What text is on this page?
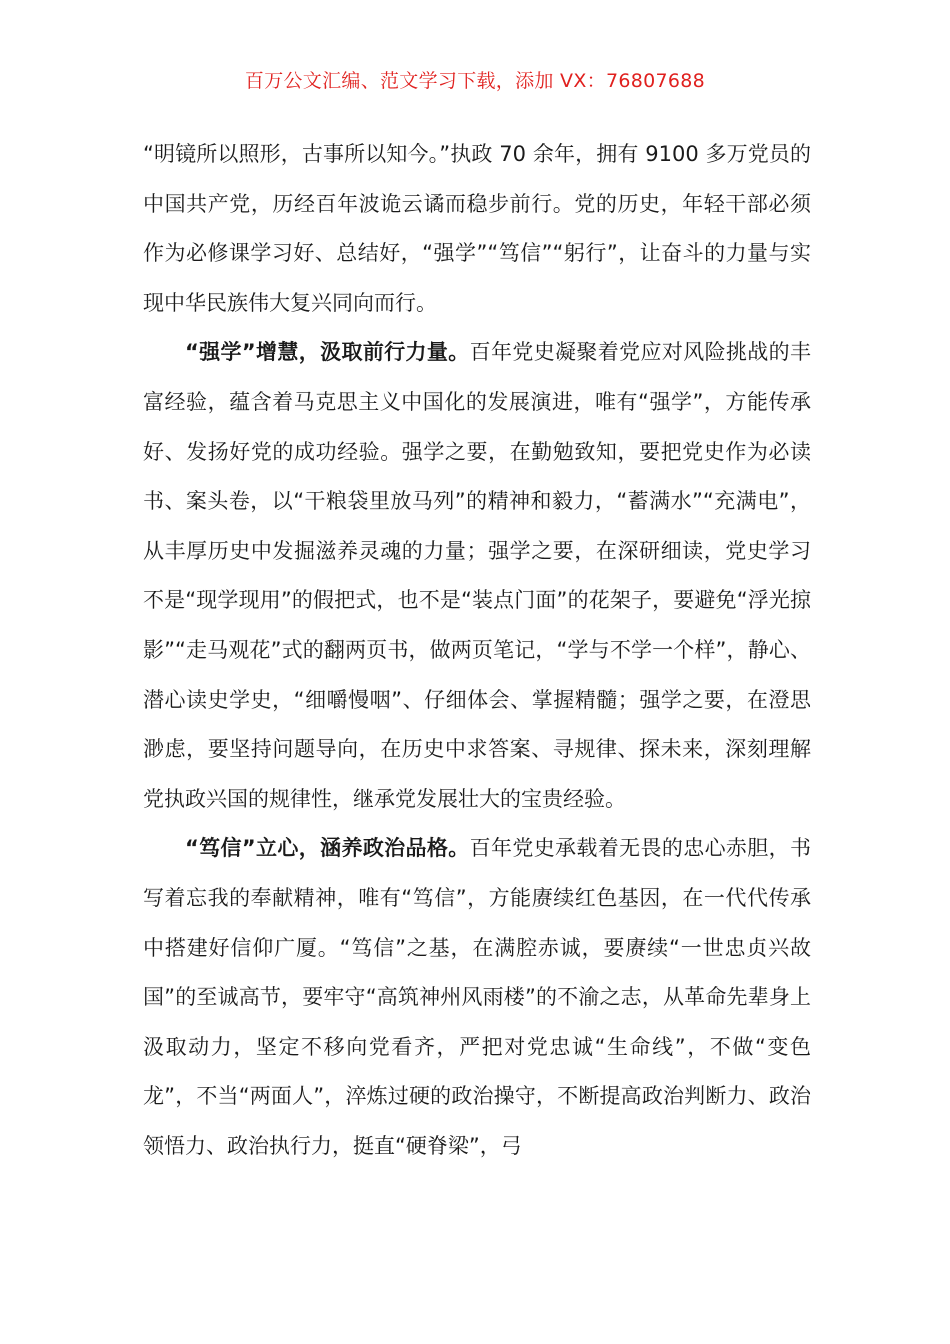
百万公文汇编、范文学习下载，添加 VX：76807688

“明镜所以照形，古事所以知今。”执政 70 余年，拥有 9100 多万党员的中国共产党，历经百年波诡云谲而稳步前行。党的历史，年轻干部必须作为必修课学习好、总结好，“强学”“笃信”“躬行”，让奋斗的力量与实现中华民族伟大复兴同向而行。

“强学”增慧，汲取前行力量。百年党史凝聚着党应对风险挑战的丰富经验，蕴含着马克思主义中国化的发展演进，唯有“强学”，方能传承好、发扬好党的成功经验。强学之要，在勤勉致知，要把党史作为必读书、案头卷，以“干粮袋里放马列”的精神和毅力，“蓄满水”“充满电”，从丰厚历史中发掘滋养灵魂的力量；强学之要，在深研细读，党史学习不是“现学现用”的假把式，也不是“装点门面”的花架子，要避免“浮光掠影”“走马观花”式的翻两页书，做两页笔记，“学与不学一个样”，静心、潜心读史学史，“细嚼慢咽”、仔细体会、掌握精髓；强学之要，在澄思渺虑，要坚持问题导向，在历史中求答案、寻规律、探未来，深刻理解党执政兴国的规律性，继承党发展壮大的宝贵经验。

“笃信”立心，涵养政治品格。百年党史承载着无畏的忠心赤胆，书写着忘我的奉献精神，唯有“笃信”，方能赓续红色基因，在一代代传承中搭建好信仰广厦。“笃信”之基，在满腔赤诚，要赓续“一世忠贞兴故国”的至诚高节，要牢守“高筑神州风雨楼”的不渝之志，从革命先辈身上汲取动力，坚定不移向党看齐，严把对党忠诚“生命线”，不做“变色龙”，不当“两面人”，淬炼过硬的政治操守，不断提高政治判断力、政治领悟力、政治执行力，挺直“硬脊梁”，弓
